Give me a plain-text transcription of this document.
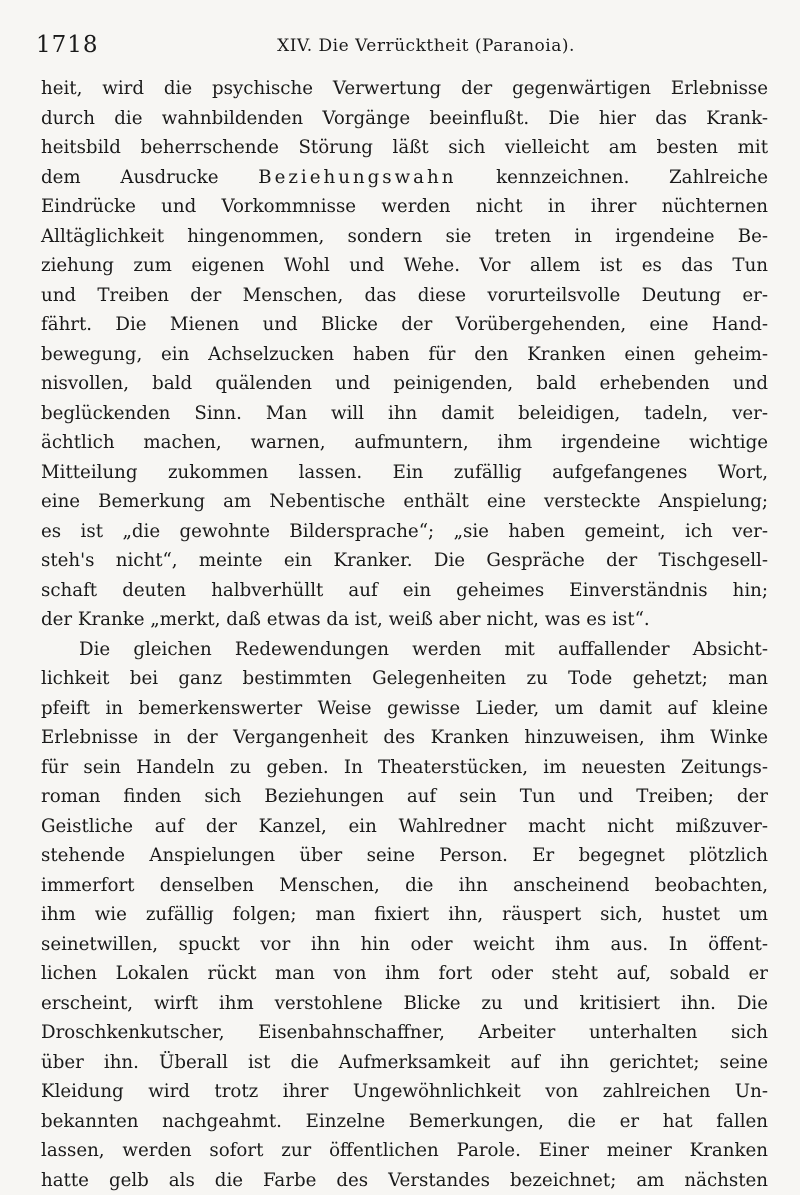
1718	XIV. Die Verrücktheit (Paranoia).
heit, wird die psychische Verwertung der gegenwärtigen Erlebnisse
durch die wahnbildenden Vorgänge beeinflußt. Die hier das Krank-
heitsbild beherrschende Störung läßt sich vielleicht am besten mit
dem Ausdrucke Beziehungswahn kennzeichnen. Zahlreiche
Eindrücke und Vorkommnisse werden nicht in ihrer nüchternen
Alltäglichkeit hingenommen, sondern sie treten in irgendeine Be-
ziehung zum eigenen Wohl und Wehe. Vor allem ist es das Tun
und Treiben der Menschen, das diese vorurteilsvolle Deutung er-
fährt. Die Mienen und Blicke der Vorübergehenden, eine Hand-
bewegung, ein Achselzucken haben für den Kranken einen geheim-
nisvollen, bald quälenden und peinigenden, bald erhebenden und
beglückenden Sinn. Man will ihn damit beleidigen, tadeln, ver-
ächtlich machen, warnen, aufmuntern, ihm irgendeine wichtige
Mitteilung zukommen lassen. Ein zufällig aufgefangenes Wort,
eine Bemerkung am Nebentische enthält eine versteckte Anspielung;
es ist „die gewohnte Bildersprache“; „sie haben gemeint, ich ver-
steh's nicht“, meinte ein Kranker. Die Gespräche der Tischgesell-
schaft deuten halbverhüllt auf ein geheimes Einverständnis hin;
der Kranke „merkt, daß etwas da ist, weiß aber nicht, was es ist“.
Die gleichen Redewendungen werden mit auffallender Absicht-
lichkeit bei ganz bestimmten Gelegenheiten zu Tode gehetzt; man
pfeift in bemerkenswerter Weise gewisse Lieder, um damit auf kleine
Erlebnisse in der Vergangenheit des Kranken hinzuweisen, ihm Winke
für sein Handeln zu geben. In Theaterstücken, im neuesten Zeitungs-
roman finden sich Beziehungen auf sein Tun und Treiben; der
Geistliche auf der Kanzel, ein Wahlredner macht nicht mißzuver-
stehende Anspielungen über seine Person. Er begegnet plötzlich
immerfort denselben Menschen, die ihn anscheinend beobachten,
ihm wie zufällig folgen; man fixiert ihn, räuspert sich, hustet um
seinetwillen, spuckt vor ihn hin oder weicht ihm aus. In öffent-
lichen Lokalen rückt man von ihm fort oder steht auf, sobald er
erscheint, wirft ihm verstohlene Blicke zu und kritisiert ihn. Die
Droschkenkutscher, Eisenbahnschaffner, Arbeiter unterhalten sich
über ihn. Überall ist die Aufmerksamkeit auf ihn gerichtet; seine
Kleidung wird trotz ihrer Ungewöhnlichkeit von zahlreichen Un-
bekannten nachgeahmt. Einzelne Bemerkungen, die er hat fallen
lassen, werden sofort zur öffentlichen Parole. Einer meiner Kranken
hatte gelb als die Farbe des Verstandes bezeichnet; am nächsten
